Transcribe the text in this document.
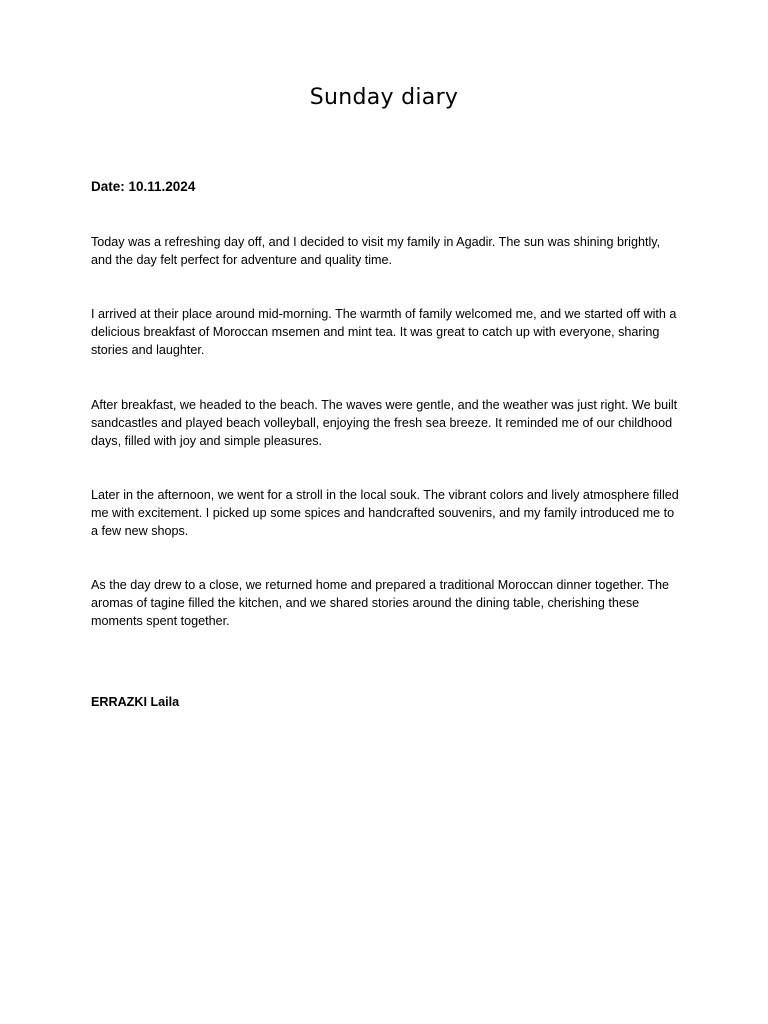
Sunday diary

Date: 10.11.2024

Today was a refreshing day off, and I decided to visit my family in Agadir. The sun was shining brightly, and the day felt perfect for adventure and quality time.

I arrived at their place around mid-morning. The warmth of family welcomed me, and we started off with a delicious breakfast of Moroccan msemen and mint tea. It was great to catch up with everyone, sharing stories and laughter.

After breakfast, we headed to the beach. The waves were gentle, and the weather was just right. We built sandcastles and played beach volleyball, enjoying the fresh sea breeze. It reminded me of our childhood days, filled with joy and simple pleasures.

Later in the afternoon, we went for a stroll in the local souk. The vibrant colors and lively atmosphere filled me with excitement. I picked up some spices and handcrafted souvenirs, and my family introduced me to a few new shops.

As the day drew to a close, we returned home and prepared a traditional Moroccan dinner together. The aromas of tagine filled the kitchen, and we shared stories around the dining table, cherishing these moments spent together.

ERRAZKI Laila
